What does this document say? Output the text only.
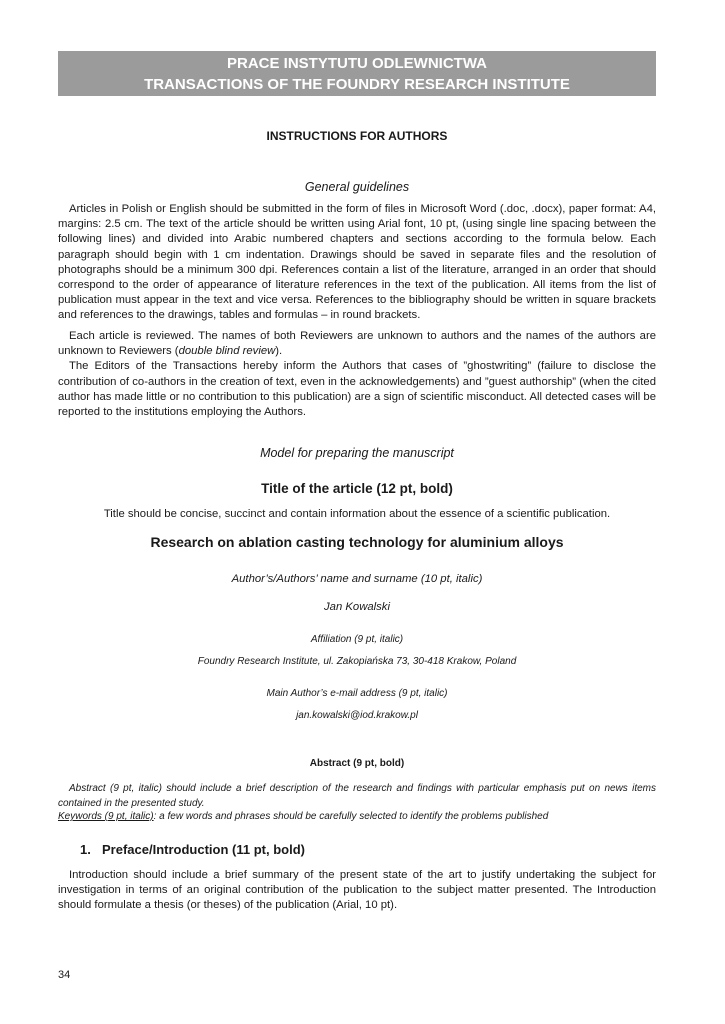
PRACE INSTYTUTU ODLEWNICTWA
TRANSACTIONS OF THE FOUNDRY RESEARCH INSTITUTE
INSTRUCTIONS FOR AUTHORS
General guidelines

Articles in Polish or English should be submitted in the form of files in Microsoft Word (.doc, .docx), paper format: A4, margins: 2.5 cm. The text of the article should be written using Arial font, 10 pt, (using single line spacing between the following lines) and divided into Arabic numbered chapters and sections according to the formula below. Each paragraph should begin with 1 cm indentation. Drawings should be saved in separate files and the resolution of photographs should be a minimum 300 dpi. References contain a list of the literature, arranged in an order that should correspond to the order of appearance of literature references in the text of the publication. All items from the list of publication must appear in the text and vice versa. References to the bibliography should be written in square brackets and references to the drawings, tables and formulas – in round brackets.

Each article is reviewed. The names of both Reviewers are unknown to authors and the names of the authors are unknown to Reviewers (double blind review).

The Editors of the Transactions hereby inform the Authors that cases of ”ghostwriting” (failure to disclose the contribution of co-authors in the creation of text, even in the acknowledgements) and ”guest authorship” (when the cited author has made little or no contribution to this publication) are a sign of scientific misconduct. All detected cases will be reported to the institutions employing the Authors.

Model for preparing the manuscript
Title of the article (12 pt, bold)
Title should be concise, succinct and contain information about the essence of a scientific publication.
Research on ablation casting technology for aluminium alloys
Author’s/Authors’ name and surname (10 pt, italic)
Jan Kowalski
Affiliation (9 pt, italic)
Foundry Research Institute, ul. Zakopiańska 73, 30-418 Krakow, Poland
Main Author’s e-mail address (9 pt, italic)
jan.kowalski@iod.krakow.pl
Abstract (9 pt, bold)
Abstract (9 pt, italic) should include a brief description of the research and findings with particular emphasis put on news items contained in the presented study.
Keywords (9 pt, italic): a few words and phrases should be carefully selected to identify the problems published
1. Preface/Introduction (11 pt, bold)

Introduction should include a brief summary of the present state of the art to justify undertaking the subject for investigation in terms of an original contribution of the publication to the subject matter presented. The Introduction should formulate a thesis (or theses) of the publication (Arial, 10 pt).

34
